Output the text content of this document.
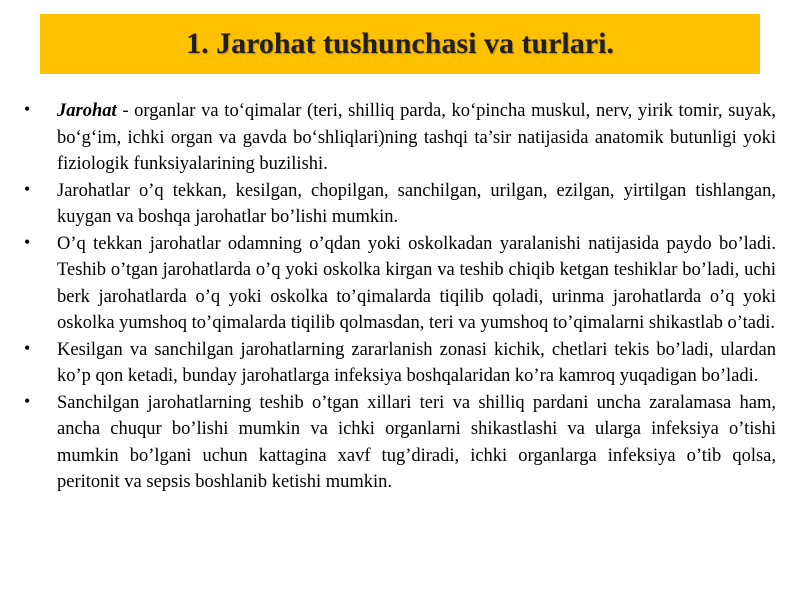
1. Jarohat tushunchasi va turlari.
• Jarohat - organlar va to‘qimalar (teri, shilliq parda, ko‘pincha muskul, nerv, yirik tomir, suyak, bo‘g‘im, ichki organ va gavda bo‘shliqlari)ning tashqi ta’sir natijasida anatomik butunligi yoki fiziologik funksiyalarining buzilishi.
• Jarohatlar o’q tekkan, kesilgan, chopilgan, sanchilgan, urilgan, ezilgan, yirtilgan tishlangan, kuygan va boshqa jarohatlar bo’lishi mumkin.
• O’q tekkan jarohatlar odamning o’qdan yoki oskolkadan yaralanishi natijasida paydo bo’ladi. Teshib o’tgan jarohatlarda o’q yoki oskolka kirgan va teshib chiqib ketgan teshiklar bo’ladi, uchi berk jarohatlarda o’q yoki oskolka to’qimalarda tiqilib qoladi, urinma jarohatlarda o’q yoki oskolka yumshoq to’qimalarda tiqilib qolmasdan, teri va yumshoq to’qimalarni shikastlab o’tadi.
• Kesilgan va sanchilgan jarohatlarning zararlanish zonasi kichik, chetlari tekis bo’ladi, ulardan ko’p qon ketadi, bunday jarohatlarga infeksiya boshqalaridan ko’ra kamroq yuqadigan bo’ladi.
• Sanchilgan jarohatlarning teshib o’tgan xillari teri va shilliq pardani uncha zaralamasa ham, ancha chuqur bo’lishi mumkin va ichki organlarni shikastlashi va ularga infeksiya o’tishi mumkin bo’lgani uchun kattagina xavf tug’diradi, ichki organlarga infeksiya o’tib qolsa, peritonit va sepsis boshlanib ketishi mumkin.
